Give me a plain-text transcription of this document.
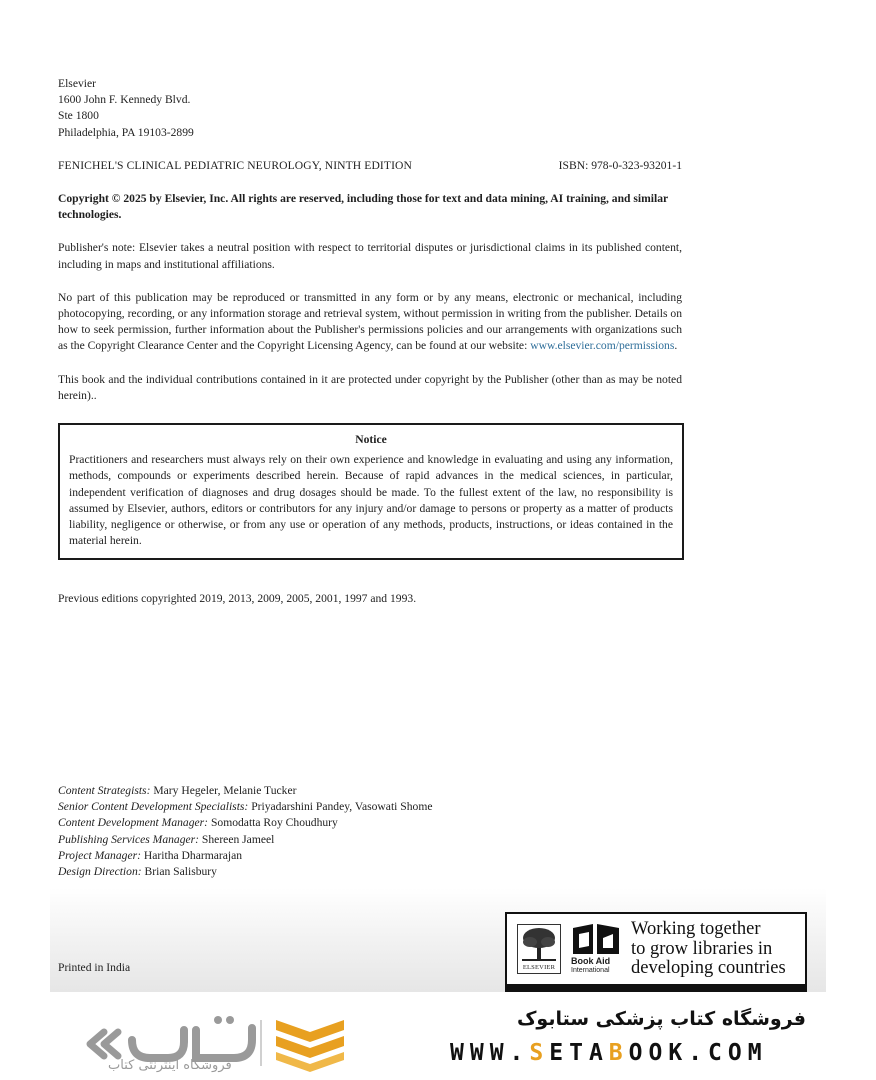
Elsevier
1600 John F. Kennedy Blvd.
Ste 1800
Philadelphia, PA 19103-2899
FENICHEL'S CLINICAL PEDIATRIC NEUROLOGY, NINTH EDITION	ISBN: 978-0-323-93201-1
Copyright © 2025 by Elsevier, Inc. All rights are reserved, including those for text and data mining, AI training, and similar technologies.
Publisher's note: Elsevier takes a neutral position with respect to territorial disputes or jurisdictional claims in its published content, including in maps and institutional affiliations.
No part of this publication may be reproduced or transmitted in any form or by any means, electronic or mechanical, including photocopying, recording, or any information storage and retrieval system, without permission in writing from the publisher. Details on how to seek permission, further information about the Publisher's permissions policies and our arrangements with organizations such as the Copyright Clearance Center and the Copyright Licensing Agency, can be found at our website: www.elsevier.com/permissions.
This book and the individual contributions contained in it are protected under copyright by the Publisher (other than as may be noted herein)..
Notice
Practitioners and researchers must always rely on their own experience and knowledge in evaluating and using any information, methods, compounds or experiments described herein. Because of rapid advances in the medical sciences, in particular, independent verification of diagnoses and drug dosages should be made. To the fullest extent of the law, no responsibility is assumed by Elsevier, authors, editors or contributors for any injury and/or damage to persons or property as a matter of products liability, negligence or otherwise, or from any use or operation of any methods, products, instructions, or ideas contained in the material herein.
Previous editions copyrighted 2019, 2013, 2009, 2005, 2001, 1997 and 1993.
Content Strategists: Mary Hegeler, Melanie Tucker
Senior Content Development Specialists: Priyadarshini Pandey, Vasowati Shome
Content Development Manager: Somodatta Roy Choudhury
Publishing Services Manager: Shereen Jameel
Project Manager: Haritha Dharmarajan
Design Direction: Brian Salisbury
Printed in India	ELSEVIER
Book Aid
International
Working together
to grow libraries in
developing countries
فروشگاه اینترنتی کتاب
فروشگاه کتاب پزشکی ستابوک
WWW.SETABOOK.COM
